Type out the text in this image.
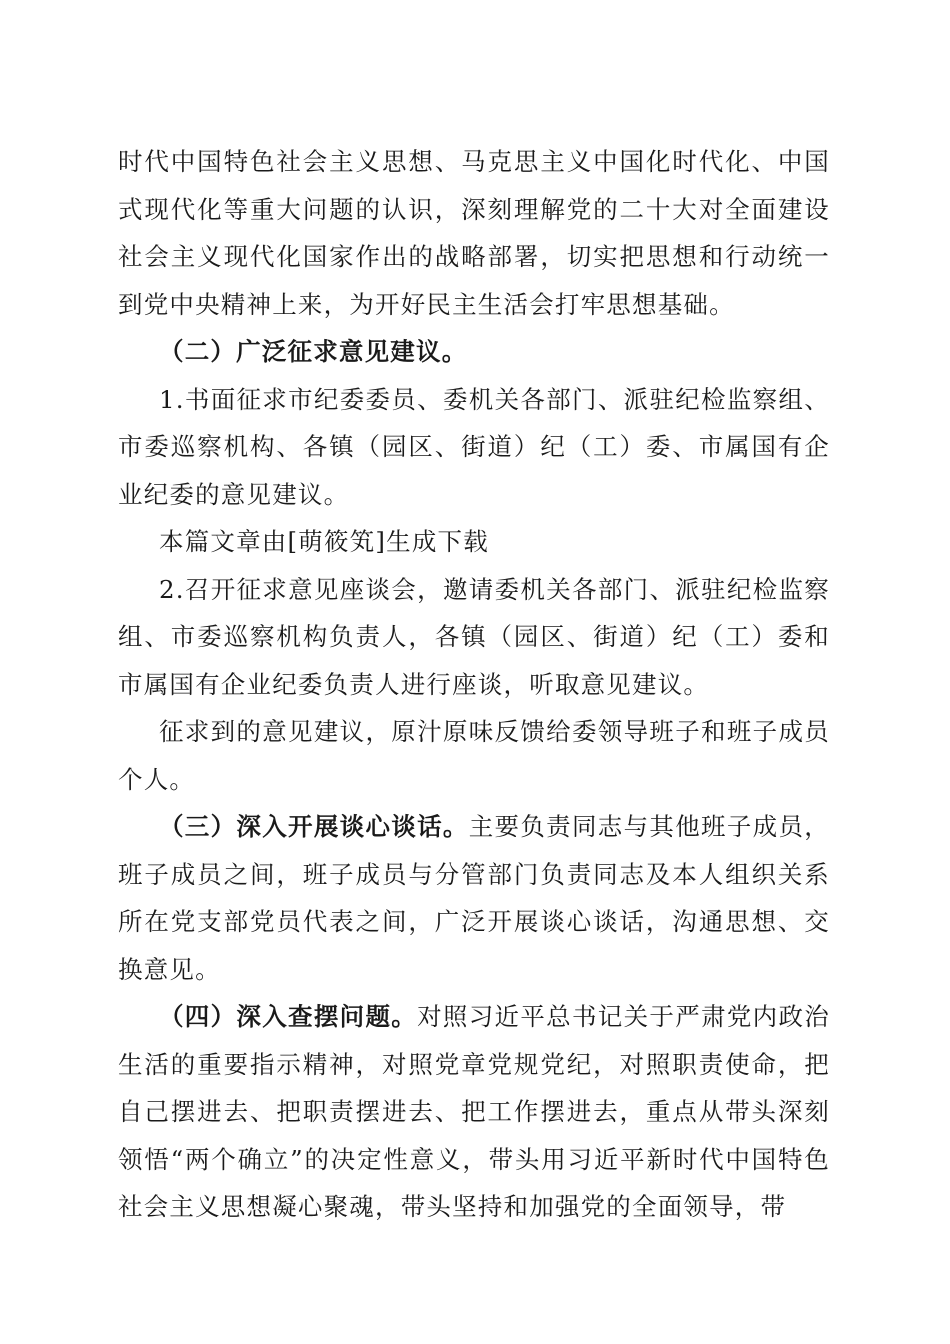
时代中国特色社会主义思想、马克思主义中国化时代化、中国式现代化等重大问题的认识，深刻理解党的二十大对全面建设社会主义现代化国家作出的战略部署，切实把思想和行动统一到党中央精神上来，为开好民主生活会打牢思想基础。

（二）广泛征求意见建议。

1.书面征求市纪委委员、委机关各部门、派驻纪检监察组、市委巡察机构、各镇（园区、街道）纪（工）委、市属国有企业纪委的意见建议。

本篇文章由[萌筱笂]生成下载

2.召开征求意见座谈会，邀请委机关各部门、派驻纪检监察组、市委巡察机构负责人，各镇（园区、街道）纪（工）委和市属国有企业纪委负责人进行座谈，听取意见建议。

征求到的意见建议，原汁原味反馈给委领导班子和班子成员个人。

（三）深入开展谈心谈话。主要负责同志与其他班子成员，班子成员之间，班子成员与分管部门负责同志及本人组织关系所在党支部党员代表之间，广泛开展谈心谈话，沟通思想、交换意见。

（四）深入查摆问题。对照习近平总书记关于严肃党内政治生活的重要指示精神，对照党章党规党纪，对照职责使命，把自己摆进去、把职责摆进去、把工作摆进去，重点从带头深刻领悟“两个确立”的决定性意义，带头用习近平新时代中国特色社会主义思想凝心聚魂，带头坚持和加强党的全面领导，带
